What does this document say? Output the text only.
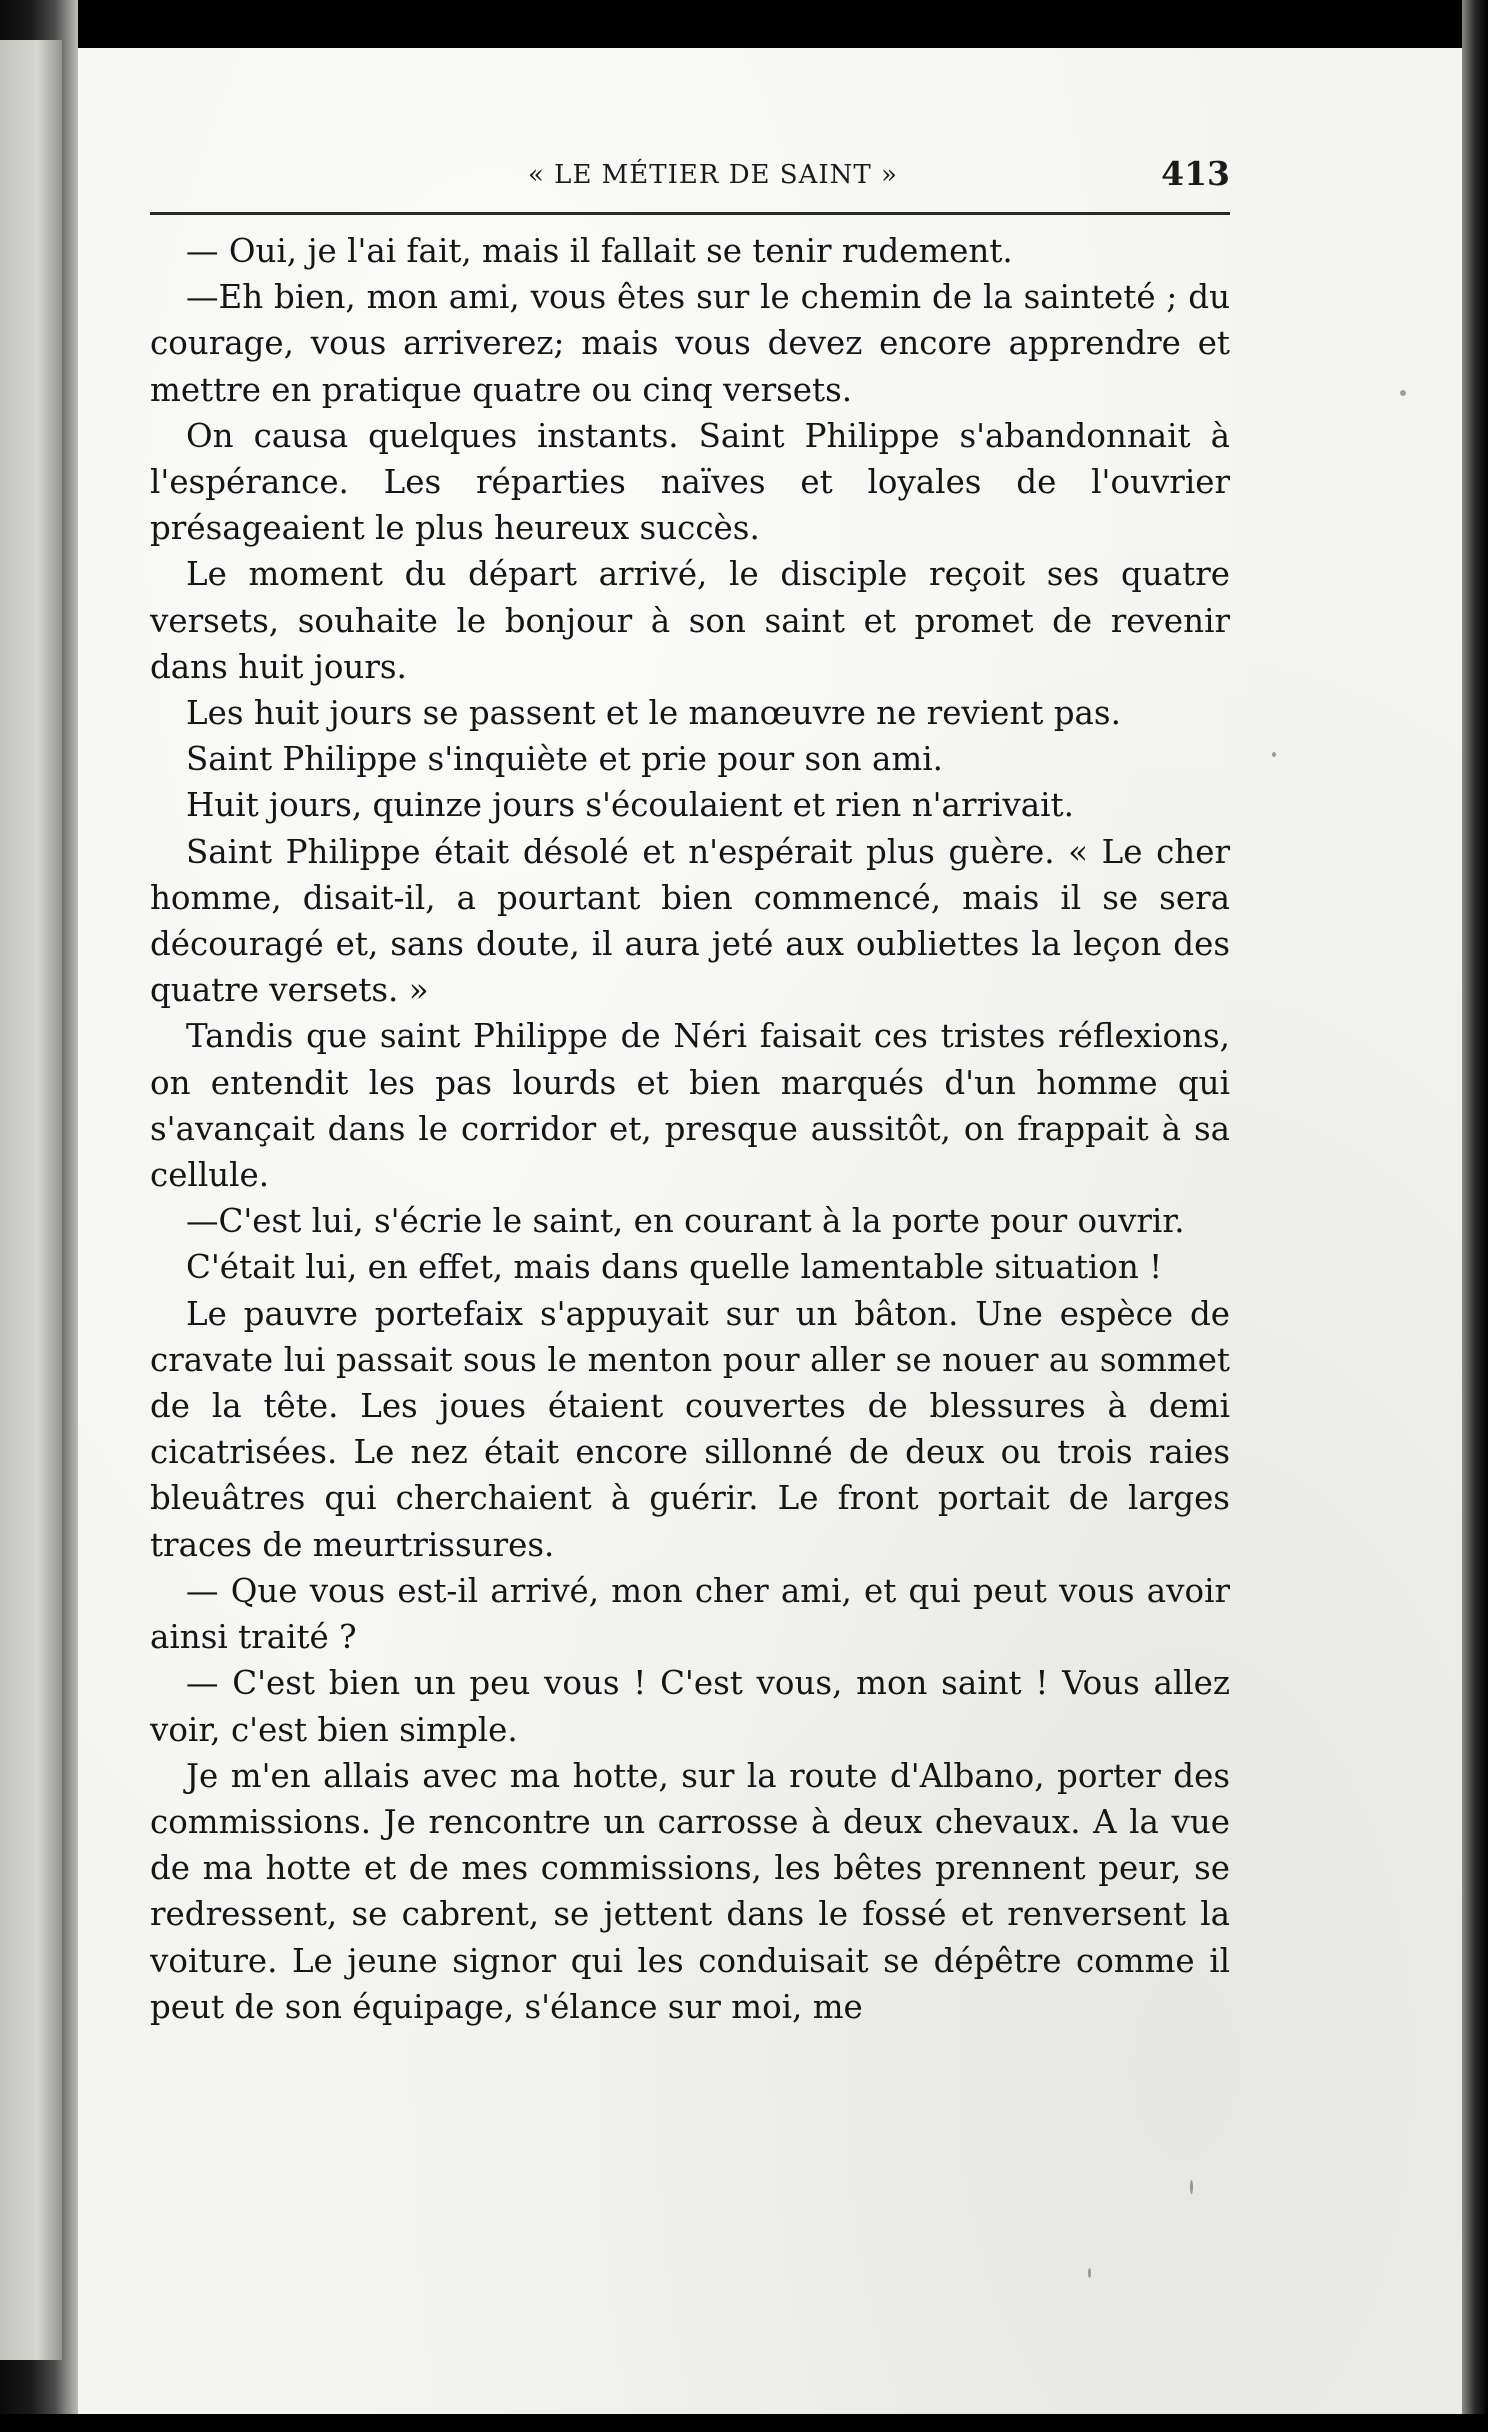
« LE MÉTIER DE SAINT »	413

— Oui, je l'ai fait, mais il fallait se tenir rudement.

—Eh bien, mon ami, vous êtes sur le chemin de la sainteté ; du courage, vous arriverez; mais vous devez encore apprendre et mettre en pratique quatre ou cinq versets.

On causa quelques instants. Saint Philippe s'abandonnait à l'espérance. Les réparties naïves et loyales de l'ouvrier présageaient le plus heureux succès.

Le moment du départ arrivé, le disciple reçoit ses quatre versets, souhaite le bonjour à son saint et promet de revenir dans huit jours.

Les huit jours se passent et le manœuvre ne revient pas.

Saint Philippe s'inquiète et prie pour son ami.

Huit jours, quinze jours s'écoulaient et rien n'arrivait.

Saint Philippe était désolé et n'espérait plus guère. « Le cher homme, disait-il, a pourtant bien commencé, mais il se sera découragé et, sans doute, il aura jeté aux oubliettes la leçon des quatre versets. »

Tandis que saint Philippe de Néri faisait ces tristes réflexions, on entendit les pas lourds et bien marqués d'un homme qui s'avançait dans le corridor et, presque aussitôt, on frappait à sa cellule.

—C'est lui, s'écrie le saint, en courant à la porte pour ouvrir.

C'était lui, en effet, mais dans quelle lamentable situation !

Le pauvre portefaix s'appuyait sur un bâton. Une espèce de cravate lui passait sous le menton pour aller se nouer au sommet de la tête. Les joues étaient couvertes de blessures à demi cicatrisées. Le nez était encore sillonné de deux ou trois raies bleuâtres qui cherchaient à guérir. Le front portait de larges traces de meurtrissures.

— Que vous est-il arrivé, mon cher ami, et qui peut vous avoir ainsi traité ?

— C'est bien un peu vous ! C'est vous, mon saint ! Vous allez voir, c'est bien simple.

Je m'en allais avec ma hotte, sur la route d'Albano, porter des commissions. Je rencontre un carrosse à deux chevaux. A la vue de ma hotte et de mes commissions, les bêtes prennent peur, se redressent, se cabrent, se jettent dans le fossé et renversent la voiture. Le jeune signor qui les conduisait se dépêtre comme il peut de son équipage, s'élance sur moi, me
